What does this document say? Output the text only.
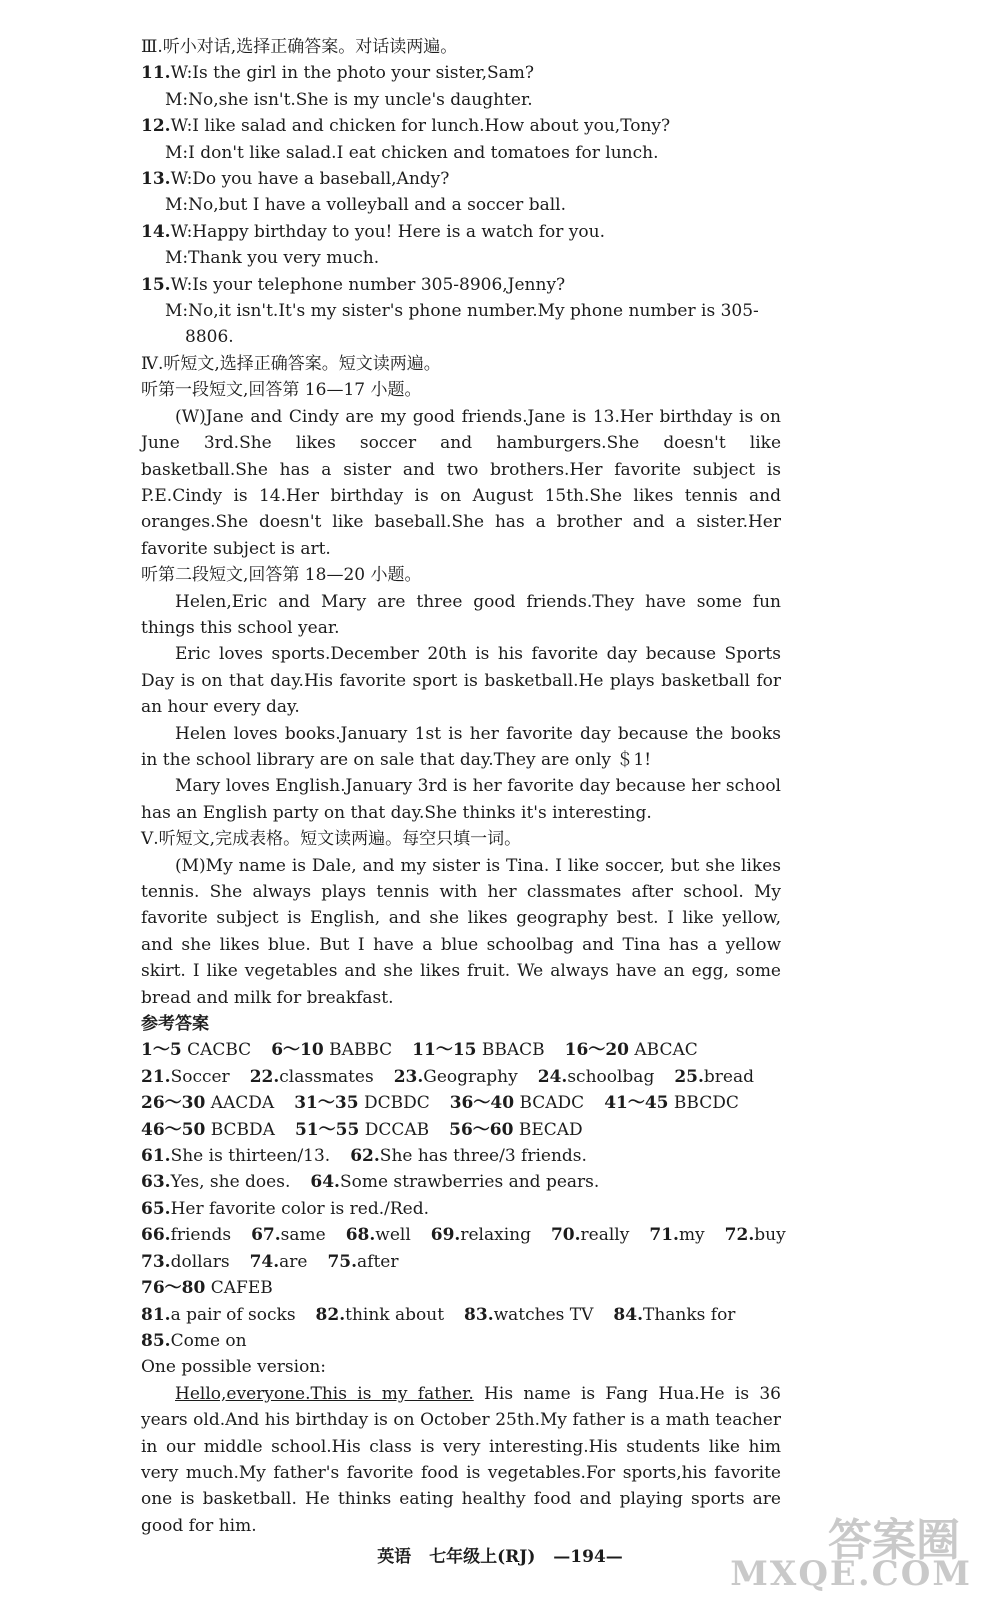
Ⅲ.听小对话,选择正确答案。对话读两遍。
11.W:Is the girl in the photo your sister,Sam?
M:No,she isn't.She is my uncle's daughter.
12.W:I like salad and chicken for lunch.How about you,Tony?
M:I don't like salad.I eat chicken and tomatoes for lunch.
13.W:Do you have a baseball,Andy?
M:No,but I have a volleyball and a soccer ball.
14.W:Happy birthday to you! Here is a watch for you.
M:Thank you very much.
15.W:Is your telephone number 305-8906,Jenny?
M:No,it isn't.It's my sister's phone number.My phone number is 305-
8806.
Ⅳ.听短文,选择正确答案。短文读两遍。
听第一段短文,回答第 16—17 小题。
(W)Jane and Cindy are my good friends.Jane is 13.Her birthday is on June 3rd.She likes soccer and hamburgers.She doesn't like basketball.She has a sister and two brothers.Her favorite subject is P.E.Cindy is 14.Her birthday is on August 15th.She likes tennis and oranges.She doesn't like baseball.She has a brother and a sister.Her favorite subject is art.
听第二段短文,回答第 18—20 小题。
Helen,Eric and Mary are three good friends.They have some fun things this school year.
Eric loves sports.December 20th is his favorite day because Sports Day is on that day.His favorite sport is basketball.He plays basketball for an hour every day.
Helen loves books.January 1st is her favorite day because the books in the school library are on sale that day.They are only ＄1!
Mary loves English.January 3rd is her favorite day because her school has an English party on that day.She thinks it's interesting.
Ⅴ.听短文,完成表格。短文读两遍。每空只填一词。
(M)My name is Dale, and my sister is Tina. I like soccer, but she likes tennis. She always plays tennis with her classmates after school. My favorite subject is English, and she likes geography best. I like yellow, and she likes blue. But I have a blue schoolbag and Tina has a yellow skirt. I like vegetables and she likes fruit. We always have an egg, some bread and milk for breakfast.
参考答案
1～5 CACBC 6～10 BABBC 11～15 BBACB 16～20 ABCAC
21.Soccer 22.classmates 23.Geography 24.schoolbag 25.bread
26～30 AACDA 31～35 DCBDC 36～40 BCADC 41～45 BBCDC
46～50 BCBDA 51～55 DCCAB 56～60 BECAD
61.She is thirteen/13. 62.She has three/3 friends.
63.Yes, she does. 64.Some strawberries and pears.
65.Her favorite color is red./Red.
66.friends 67.same 68.well 69.relaxing 70.really 71.my 72.buy
73.dollars 74.are 75.after
76～80 CAFEB
81.a pair of socks 82.think about 83.watches TV 84.Thanks for
85.Come on
One possible version:
Hello,everyone.This is my father. His name is Fang Hua.He is 36 years old.And his birthday is on October 25th.My father is a math teacher in our middle school.His class is very interesting.His students like him very much.My father's favorite food is vegetables.For sports,his favorite one is basketball. He thinks eating healthy food and playing sports are good for him.
英语 七年级上(RJ) —194—	答案圈
MXQE.COM
